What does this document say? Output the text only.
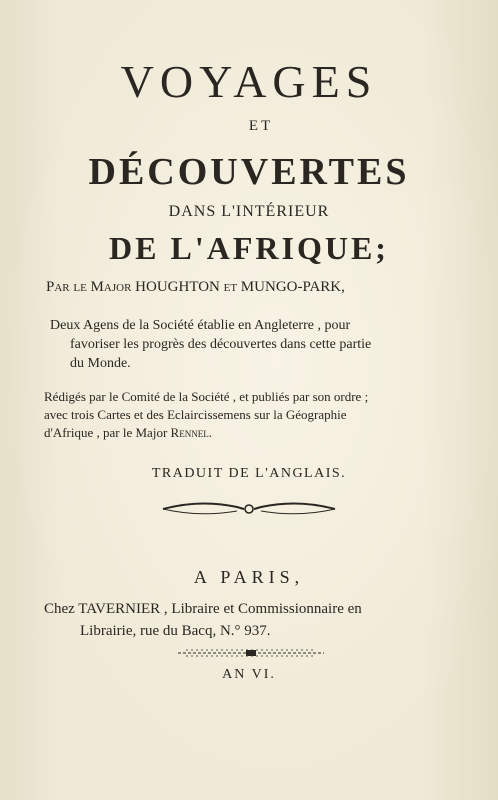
VOYAGES
ET
DÉCOUVERTES
DANS L'INTÉRIEUR
DE L'AFRIQUE;
Par le Major HOUGHTON et MUNGO-PARK,
Deux Agens de la Société établie en Angleterre , pour
favoriser les progrès des découvertes dans cette partie
du Monde.
Rédigés par le Comité de la Société , et publiés par son ordre ;
avec trois Cartes et des Eclaircissemens sur la Géographie
d'Afrique , par le Major Rennel.
TRADUIT DE L'ANGLAIS.
A PARIS,
Chez TAVERNIER , Libraire et Commissionnaire en
Librairie, rue du Bacq, N.° 937.
AN VI.
